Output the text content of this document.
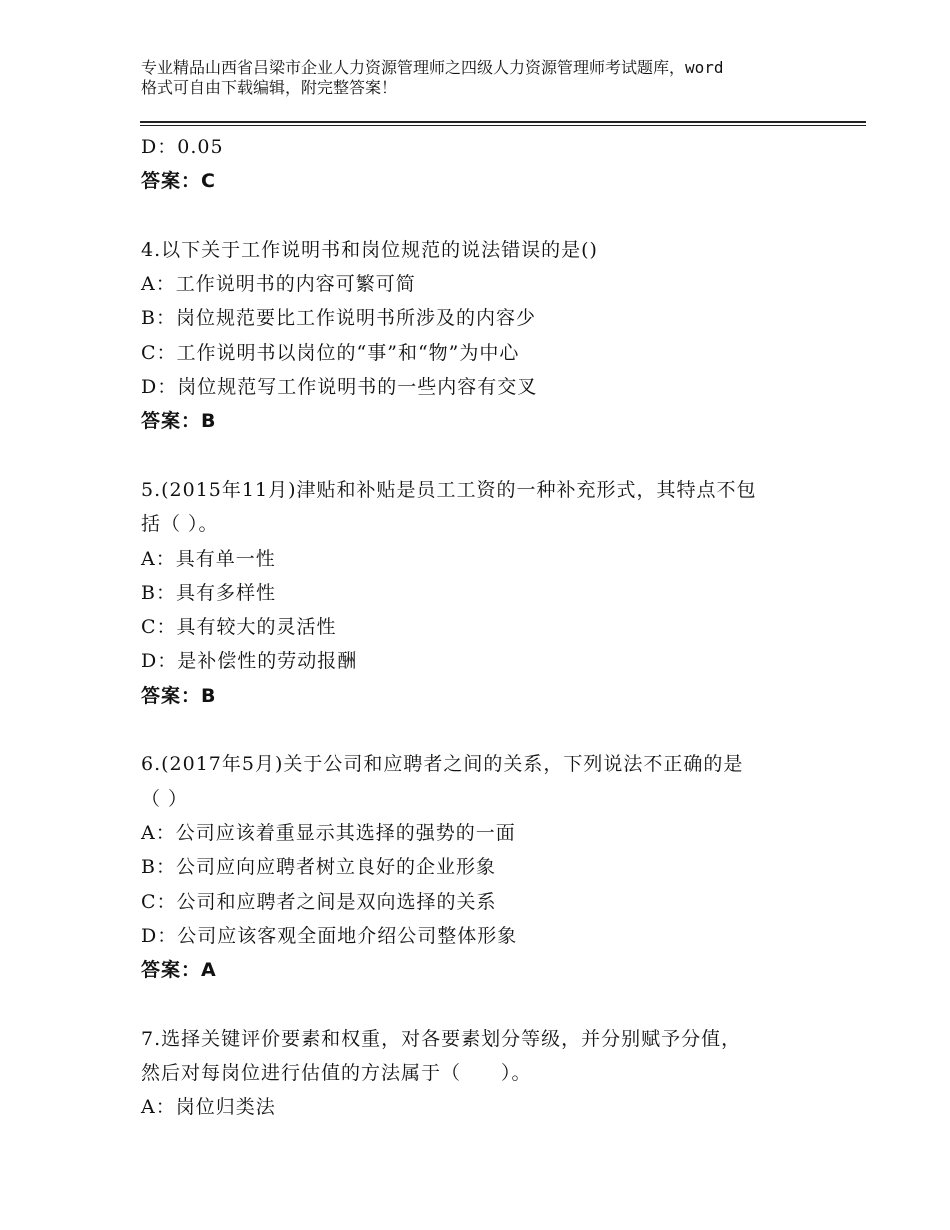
专业精品山西省吕梁市企业人力资源管理师之四级人力资源管理师考试题库，word
格式可自由下载编辑，附完整答案！
D：0.05
答案：C
4.以下关于工作说明书和岗位规范的说法错误的是()
A：工作说明书的内容可繁可简
B：岗位规范要比工作说明书所涉及的内容少
C：工作说明书以岗位的“事”和“物”为中心
D：岗位规范写工作说明书的一些内容有交叉
答案：B
5.(2015年11月)津贴和补贴是员工工资的一种补充形式，其特点不包
括（ ）。
A：具有单一性
B：具有多样性
C：具有较大的灵活性
D：是补偿性的劳动报酬
答案：B
6.(2017年5月)关于公司和应聘者之间的关系，下列说法不正确的是
（ ）
A：公司应该着重显示其选择的强势的一面
B：公司应向应聘者树立良好的企业形象
C：公司和应聘者之间是双向选择的关系
D：公司应该客观全面地介绍公司整体形象
答案：A
7.选择关键评价要素和权重，对各要素划分等级，并分别赋予分值，
然后对每岗位进行估值的方法属于（　　）。
A：岗位归类法
